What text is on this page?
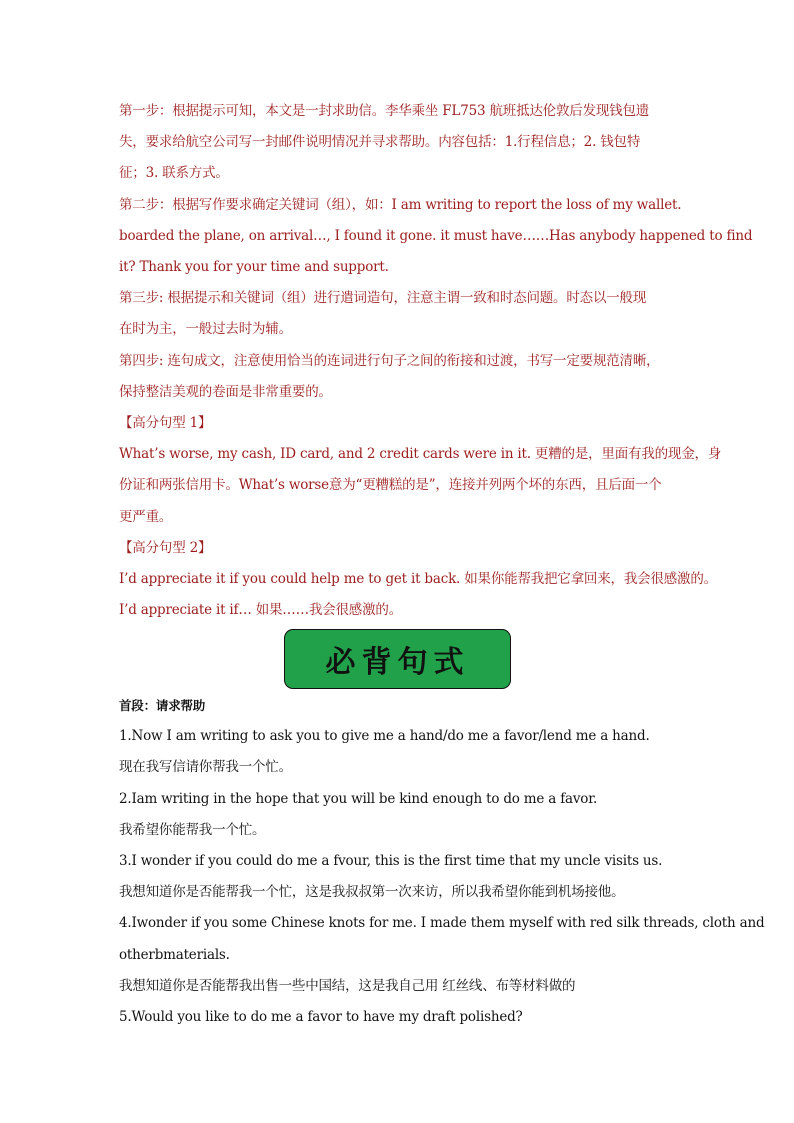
第一步：根据提示可知，本文是一封求助信。李华乘坐 FL753 航班抵达伦敦后发现钱包遗
失，要求给航空公司写一封邮件说明情况并寻求帮助。内容包括：1.行程信息；2. 钱包特
征；3. 联系方式。
第二步：根据写作要求确定关键词（组），如：I am writing to report the loss of my wallet.
boarded the plane, on arrival…, I found it gone. it must have……Has anybody happened to find
it? Thank you for your time and support.
第三步: 根据提示和关键词（组）进行遣词造句，注意主谓一致和时态问题。时态以一般现
在时为主，一般过去时为辅。
第四步: 连句成文，注意使用恰当的连词进行句子之间的衔接和过渡，书写一定要规范清晰，
保持整洁美观的卷面是非常重要的。
【高分句型 1】
What’s worse, my cash, ID card, and 2 credit cards were in it. 更糟的是，里面有我的现金，身
份证和两张信用卡。What’s worse意为“更糟糕的是”，连接并列两个坏的东西，且后面一个
更严重。
【高分句型 2】
I’d appreciate it if you could help me to get it back. 如果你能帮我把它拿回来，我会很感激的。
I’d appreciate it if… 如果……我会很感激的。
必背句式
首段：请求帮助
1.Now I am writing to ask you to give me a hand/do me a favor/lend me a hand.
现在我写信请你帮我一个忙。
2.Iam writing in the hope that you will be kind enough to do me a favor.
我希望你能帮我一个忙。
3.I wonder if you could do me a fvour, this is the first time that my uncle visits us.
我想知道你是否能帮我一个忙，这是我叔叔第一次来访，所以我希望你能到机场接他。
4.Iwonder if you some Chinese knots for me. I made them myself with red silk threads, cloth and
otherbmaterials.
我想知道你是否能帮我出售一些中国结，这是我自己用 红丝线、布等材料做的
5.Would you like to do me a favor to have my draft polished?
